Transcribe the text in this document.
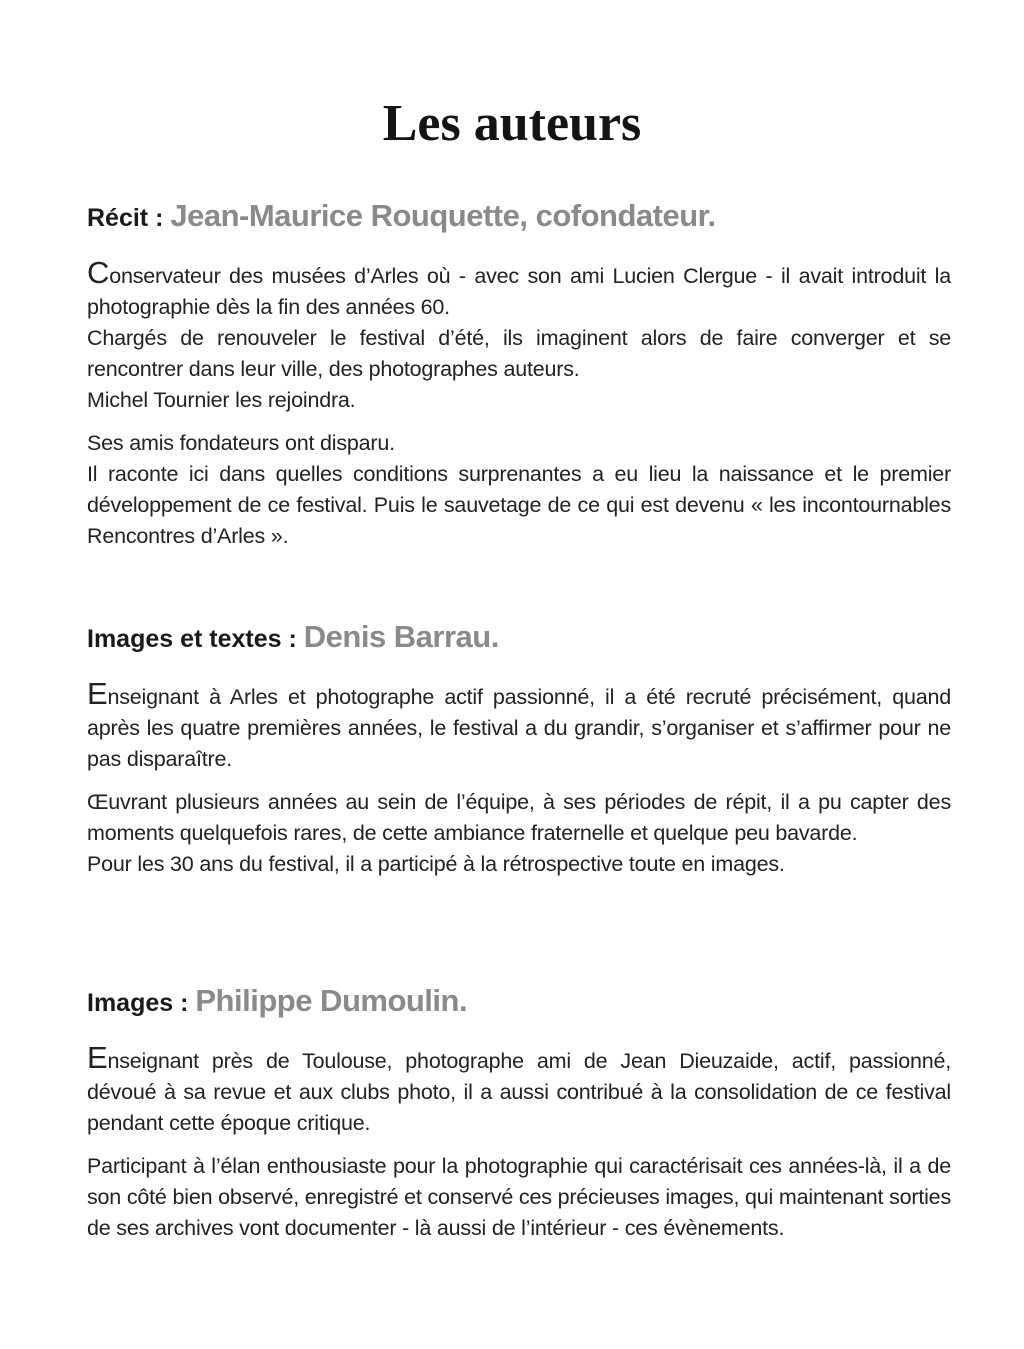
Les auteurs
Récit : Jean-Maurice Rouquette, cofondateur.

Conservateur des musées d’Arles où - avec son ami Lucien Clergue - il avait introduit la photographie dès la fin des années 60.

Chargés de renouveler le festival d’été, ils imaginent alors de faire converger et se rencontrer dans leur ville, des photographes auteurs.

Michel Tournier les rejoindra.

Ses amis fondateurs ont disparu.

Il raconte ici dans quelles conditions surprenantes a eu lieu la naissance et le premier développement de ce festival. Puis le sauvetage de ce qui est devenu « les incontournables Rencontres d’Arles ».

Images et textes : Denis Barrau.

Enseignant à Arles et photographe actif passionné, il a été recruté précisément, quand après les quatre premières années, le festival a du grandir, s’organiser et s’affirmer pour ne pas disparaître.

Œuvrant plusieurs années au sein de l’équipe, à ses périodes de répit, il a pu capter des moments quelquefois rares, de cette ambiance fraternelle et quelque peu bavarde.

Pour les 30 ans du festival, il a participé à la rétrospective toute en images.

Images : Philippe Dumoulin.

Enseignant près de Toulouse, photographe ami de Jean Dieuzaide, actif, passionné, dévoué à sa revue et aux clubs photo, il a aussi contribué à la consolidation de ce festival pendant cette époque critique.

Participant à l’élan enthousiaste pour la photographie qui caractérisait ces années-là, il a de son côté bien observé, enregistré et conservé ces précieuses images, qui maintenant sorties de ses archives vont documenter - là aussi de l’intérieur - ces évènements.
